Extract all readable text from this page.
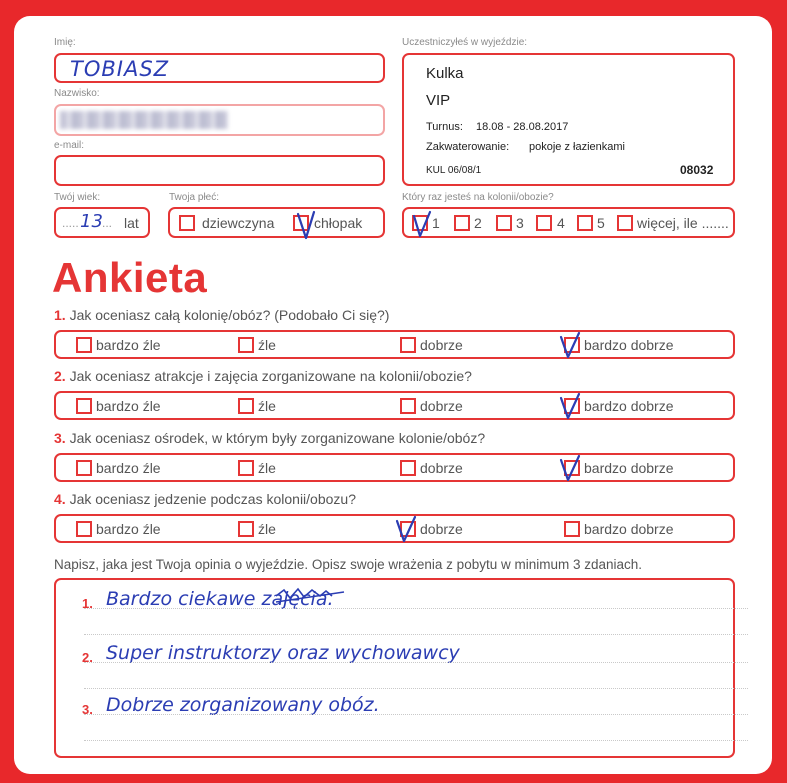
Imię:
TOBIASZ
Nazwisko:
e-mail:
Twój wiek:
..... 13 ... lat
Twoja płeć:
dziewczyna	chłopak
Uczestniczyłeś w wyjeździe:
Kulka
VIP
Turnus: 18.08 - 28.08.2017
Zakwaterowanie: pokoje z łazienkami
KUL 06/08/1	08032
Który raz jesteś na kolonii/obozie?
1 2 3 4 5 więcej, ile .......
Ankieta
1. Jak oceniasz całą kolonię/obóz? (Podobało Ci się?)
bardzo źle	źle	dobrze	bardzo dobrze
2. Jak oceniasz atrakcje i zajęcia zorganizowane na kolonii/obozie?
bardzo źle	źle	dobrze	bardzo dobrze
3. Jak oceniasz ośrodek, w którym były zorganizowane kolonie/obóz?
bardzo źle	źle	dobrze	bardzo dobrze
4. Jak oceniasz jedzenie podczas kolonii/obozu?
bardzo źle	źle	dobrze	bardzo dobrze
Napisz, jaka jest Twoja opinia o wyjeździe. Opisz swoje wrażenia z pobytu w minimum 3 zdaniach.
1. Bardzo ciekawe zajęcia.
2. Super instruktorzy oraz wychowawcy
3. Dobrze zorganizowany obóz.
